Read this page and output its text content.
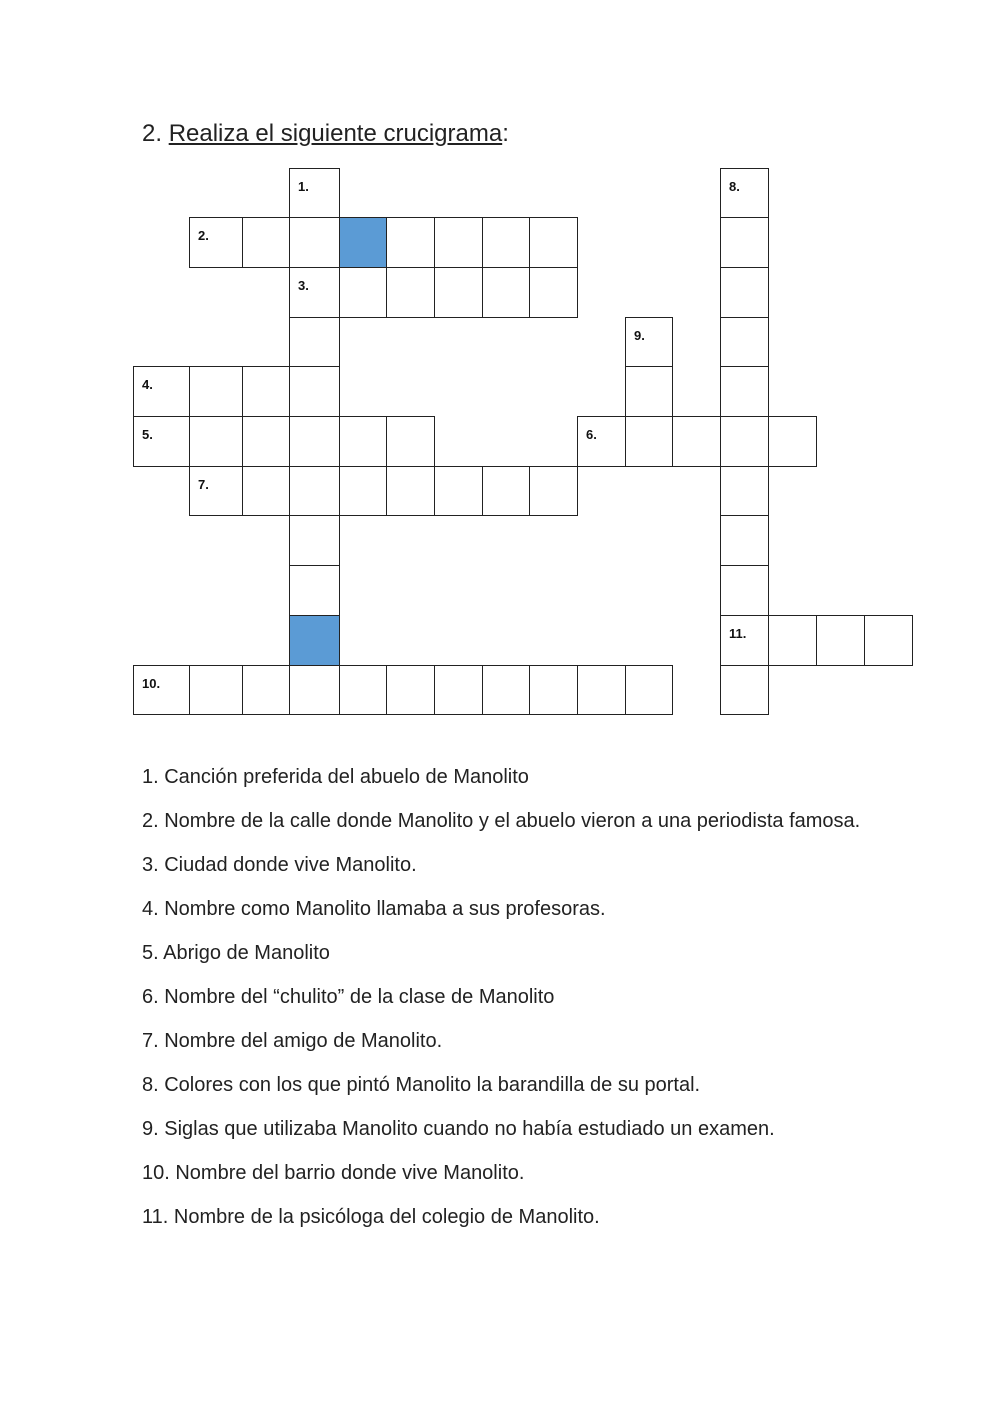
2. Realiza el siguiente crucigrama:
1.
2.
3.
4.
5.	6.
7.
8.
9.
10.
11.

1. Canción preferida del abuelo de Manolito

2. Nombre de la calle donde Manolito y el abuelo vieron a una periodista famosa.

3. Ciudad donde vive Manolito.

4. Nombre como Manolito llamaba a sus profesoras.

5. Abrigo de Manolito

6. Nombre del “chulito” de la clase de Manolito

7. Nombre del amigo de Manolito.

8. Colores con los que pintó Manolito la barandilla de su portal.

9. Siglas que utilizaba Manolito cuando no había estudiado un examen.

10. Nombre del barrio donde vive Manolito.

11. Nombre de la psicóloga del colegio de Manolito.
